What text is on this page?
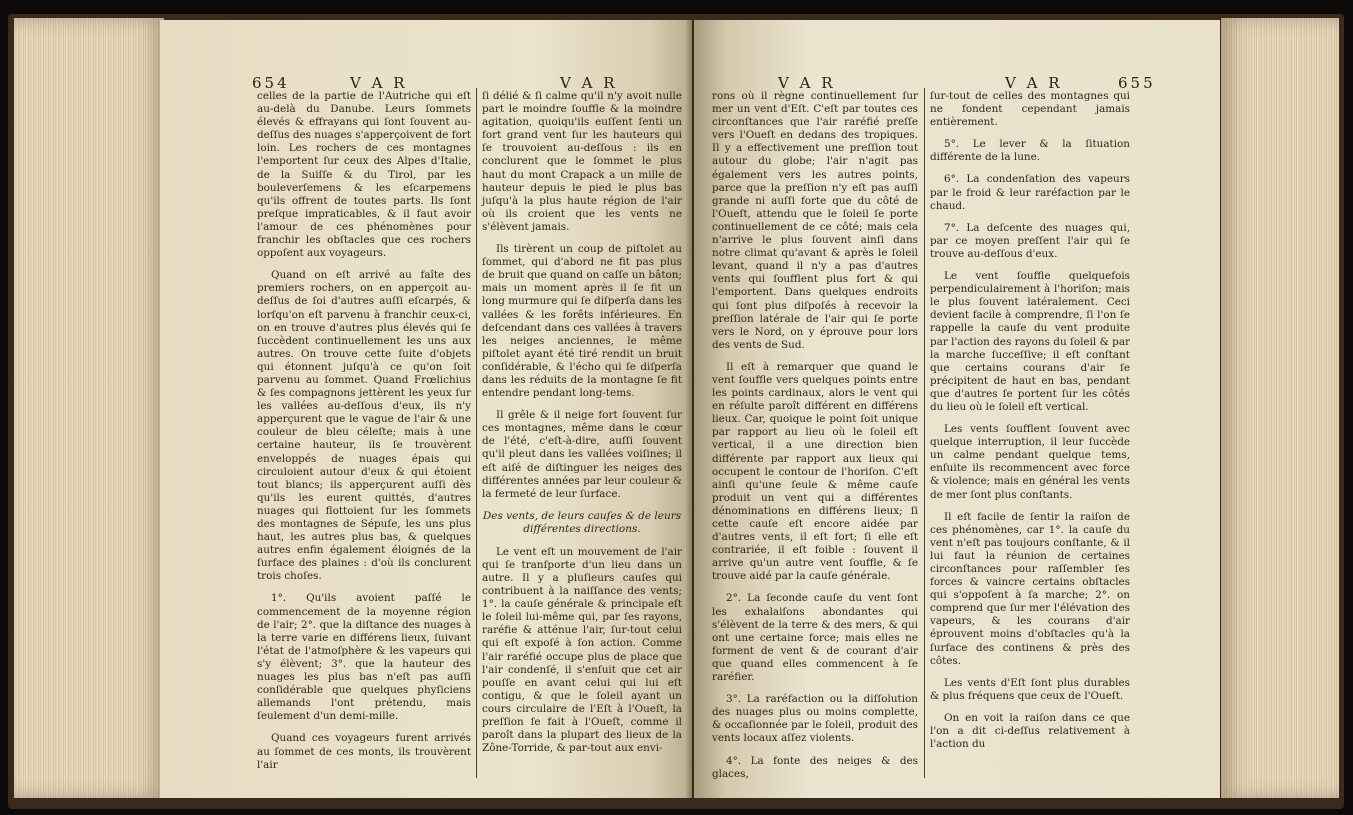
654	V A R	V A R

celles de la partie de l'Autriche qui eſt au-delà du Danube. Leurs ſommets élevés & effrayans qui ſont ſouvent au-deſſus des nuages s'apperçoivent de fort loin. Les rochers de ces montagnes l'emportent ſur ceux des Alpes d'Italie, de la Suiſſe & du Tirol, par les bouleverſemens & les eſcarpemens qu'ils offrent de toutes parts. Ils ſont preſque impraticables, & il faut avoir l'amour de ces phénomènes pour franchir les obſtacles que ces rochers oppoſent aux voyageurs.

Quand on eſt arrivé au faîte des premiers rochers, on en apperçoit au-deſſus de ſoi d'autres auſſi eſcarpés, & lorſqu'on eſt parvenu à franchir ceux-ci, on en trouve d'autres plus élevés qui ſe ſuccèdent continuellement les uns aux autres. On trouve cette ſuite d'objets qui étonnent juſqu'à ce qu'on ſoit parvenu au ſommet. Quand Frœlichius & ſes compagnons jettèrent les yeux ſur les vallées au-deſſous d'eux, ils n'y apperçurent que le vague de l'air & une couleur de bleu céleſte; mais à une certaine hauteur, ils ſe trouvèrent enveloppés de nuages épais qui circuloient autour d'eux & qui étoient tout blancs; ils apperçurent auſſi dès qu'ils les eurent quittés, d'autres nuages qui flottoient ſur les ſommets des montagnes de Sépuſe, les uns plus haut, les autres plus bas, & quelques autres enfin également éloignés de la ſurface des plaines : d'où ils conclurent trois choſes.

1°. Qu'ils avoient paſſé le commencement de la moyenne région de l'air; 2°. que la diſtance des nuages à la terre varie en différens lieux, ſuivant l'état de l'atmoſphère & les vapeurs qui s'y élèvent; 3°. que la hauteur des nuages les plus bas n'eſt pas auſſi conſidérable que quelques phyſiciens allemands l'ont prétendu, mais ſeulement d'un demi-mille.

Quand ces voyageurs furent arrivés au ſommet de ces monts, ils trouvèrent l'air

ſi délié & ſi calme qu'il n'y avoit nulle part le moindre ſouffle & la moindre agitation, quoiqu'ils euſſent ſenti un fort grand vent ſur les hauteurs qui ſe trouvoient au-deſſous : ils en conclurent que le ſommet le plus haut du mont Crapack a un mille de hauteur depuis le pied le plus bas juſqu'à la plus haute région de l'air où ils croient que les vents ne s'élèvent jamais.

Ils tirèrent un coup de piſtolet au ſommet, qui d'abord ne fit pas plus de bruit que quand on caſſe un bâton; mais un moment après il ſe fit un long murmure qui ſe diſperſa dans les vallées & les forêts inférieures. En deſcendant dans ces vallées à travers les neiges anciennes, le même piſtolet ayant été tiré rendit un bruit conſidérable, & l'écho qui ſe diſperſa dans les réduits de la montagne ſe fit entendre pendant long-tems.

Il grêle & il neige fort ſouvent ſur ces montagnes, même dans le cœur de l'été, c'eſt-à-dire, auſſi ſouvent qu'il pleut dans les vallées voiſines; il eſt aiſé de diſtinguer les neiges des différentes années par leur couleur & la fermeté de leur ſurface.

Des vents, de leurs cauſes & de leurs différentes directions.

Le vent eſt un mouvement de l'air qui ſe tranſporte d'un lieu dans un autre. Il y a pluſieurs cauſes qui contribuent à la naiſſance des vents; 1°. la cauſe générale & principale eſt le ſoleil lui-même qui, par ſes rayons, raréfie & atténue l'air, ſur-tout celui qui eſt expoſé à ſon action. Comme l'air raréfié occupe plus de place que l'air condenſé, il s'enſuit que cet air pouſſe en avant celui qui lui eſt contigu, & que le ſoleil ayant un cours circulaire de l'Eſt à l'Oueſt, la preſſion ſe fait à l'Oueſt, comme il paroît dans la plupart des lieux de la Zône-Torride, & par-tout aux envi-

V A R	V A R	655

rons où il règne continuellement ſur mer un vent d'Eſt. C'eſt par toutes ces circonſtances que l'air raréfié preſſe vers l'Oueſt en dedans des tropiques. Il y a effectivement une preſſion tout autour du globe; l'air n'agit pas également vers les autres points, parce que la preſſion n'y eſt pas auſſi grande ni auſſi forte que du côté de l'Oueſt, attendu que le ſoleil ſe porte continuellement de ce côté; mais cela n'arrive le plus ſouvent ainſi dans notre climat qu'avant & après le ſoleil levant, quand il n'y a pas d'autres vents qui ſoufflent plus fort & qui l'emportent. Dans quelques endroits qui ſont plus diſpoſés à recevoir la preſſion latérale de l'air qui ſe porte vers le Nord, on y éprouve pour lors des vents de Sud.

Il eſt à remarquer que quand le vent ſouffle vers quelques points entre les points cardinaux, alors le vent qui en réſulte paroît différent en différens lieux. Car, quoique le point ſoit unique par rapport au lieu où le ſoleil eſt vertical, il a une direction bien différente par rapport aux lieux qui occupent le contour de l'horiſon. C'eſt ainſi qu'une ſeule & même cauſe produit un vent qui a différentes dénominations en différens lieux; ſi cette cauſe eſt encore aidée par d'autres vents, il eſt fort; ſi elle eſt contrariée, il eſt foible : ſouvent il arrive qu'un autre vent ſouffle, & ſe trouve aidé par la cauſe générale.

2°. La ſeconde cauſe du vent ſont les exhalaiſons abondantes qui s'élèvent de la terre & des mers, & qui ont une certaine force; mais elles ne forment de vent & de courant d'air que quand elles commencent à ſe raréfier.

3°. La raréfaction ou la diſſolution des nuages plus ou moins complette, & occaſionnée par le ſoleil, produit des vents locaux aſſez violents.

4°. La fonte des neiges & des glaces,

ſur-tout de celles des montagnes qui ne fondent cependant jamais entièrement.

5°. Le lever & la ſituation différente de la lune.

6°. La condenſation des vapeurs par le froid & leur raréfaction par le chaud.

7°. La deſcente des nuages qui, par ce moyen preſſent l'air qui ſe trouve au-deſſous d'eux.

Le vent ſouffle quelquefois perpendiculairement à l'horiſon; mais le plus ſouvent latéralement. Ceci devient facile à comprendre, ſi l'on ſe rappelle la cauſe du vent produite par l'action des rayons du ſoleil & par la marche ſucceſſive; il eſt conſtant que certains courans d'air ſe précipitent de haut en bas, pendant que d'autres ſe portent ſur les côtés du lieu où le ſoleil eſt vertical.

Les vents ſoufflent ſouvent avec quelque interruption, il leur ſuccède un calme pendant quelque tems, enſuite ils recommencent avec force & violence; mais en général les vents de mer ſont plus conſtants.

Il eſt facile de ſentir la raiſon de ces phénomènes, car 1°. la cauſe du vent n'eſt pas toujours conſtante, & il lui faut la réunion de certaines circonſtances pour raſſembler ſes forces & vaincre certains obſtacles qui s'oppoſent à ſa marche; 2°. on comprend que ſur mer l'élévation des vapeurs, & les courans d'air éprouvent moins d'obſtacles qu'à la ſurface des continens & près des côtes.

Les vents d'Eſt ſont plus durables & plus fréquens que ceux de l'Oueſt.

On en voit la raiſon dans ce que l'on a dit ci-deſſus relativement à l'action du
